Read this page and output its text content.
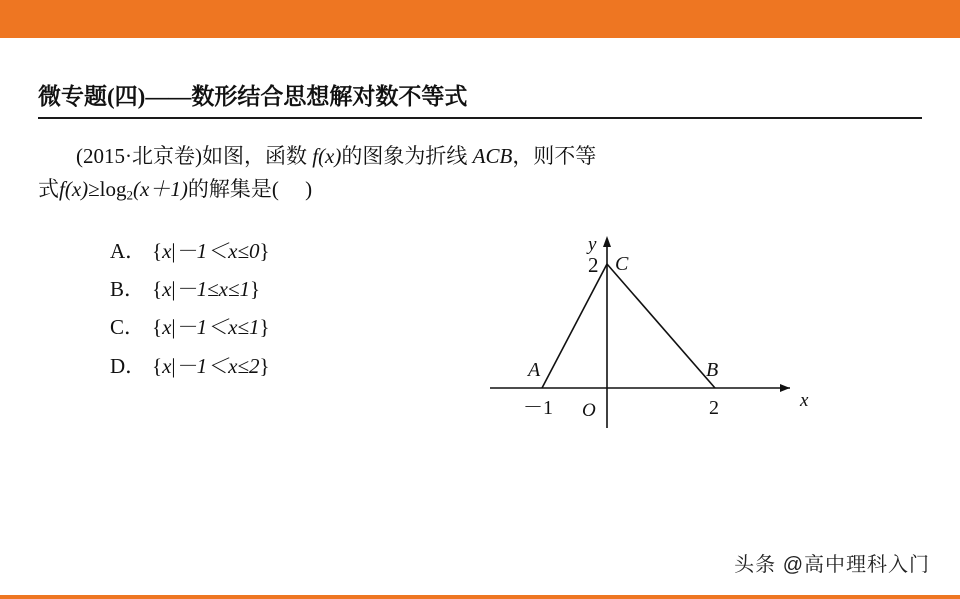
微专题(四)——数形结合思想解对数不等式
(2015·北京卷)如图，函数 f(x)的图象为折线 ACB，则不等
式$f(x)\ge\log_2(x+1)$的解集是( )
A． {x|－1＜x≤0}
B． {x|－1≤x≤1}
C． {x|－1＜x≤1}
D． {x|－1＜x≤2}
2 C
A	B
－1 O	2
y
x
头条 @高中理科入门
